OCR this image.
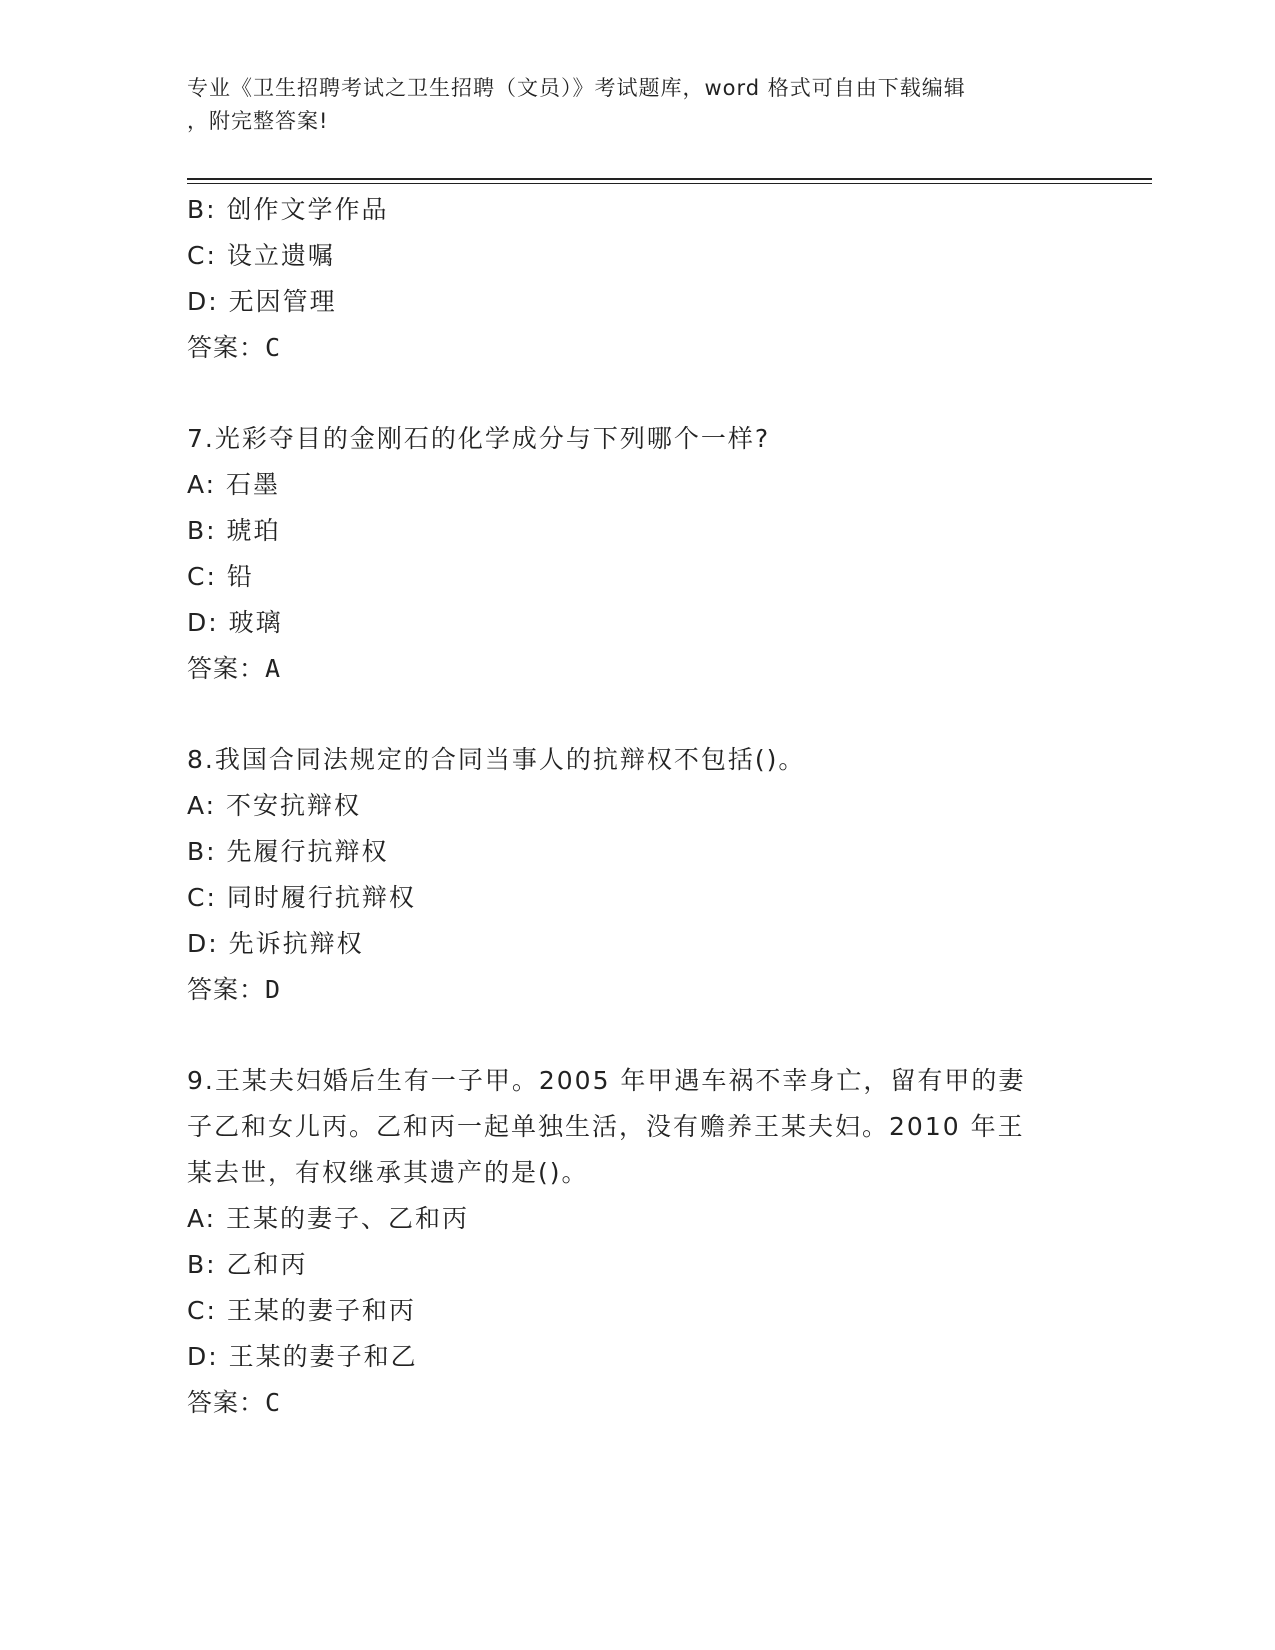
专业《卫生招聘考试之卫生招聘（文员）》考试题库，word 格式可自由下载编辑
，附完整答案!
B: 创作文学作品
C: 设立遗嘱
D: 无因管理
答案：C
7.光彩夺目的金刚石的化学成分与下列哪个一样?
A: 石墨
B: 琥珀
C: 铅
D: 玻璃
答案：A
8.我国合同法规定的合同当事人的抗辩权不包括()。
A: 不安抗辩权
B: 先履行抗辩权
C: 同时履行抗辩权
D: 先诉抗辩权
答案：D
9.王某夫妇婚后生有一子甲。2005 年甲遇车祸不幸身亡，留有甲的妻
子乙和女儿丙。乙和丙一起单独生活，没有赡养王某夫妇。2010 年王
某去世，有权继承其遗产的是()。
A: 王某的妻子、乙和丙
B: 乙和丙
C: 王某的妻子和丙
D: 王某的妻子和乙
答案：C
